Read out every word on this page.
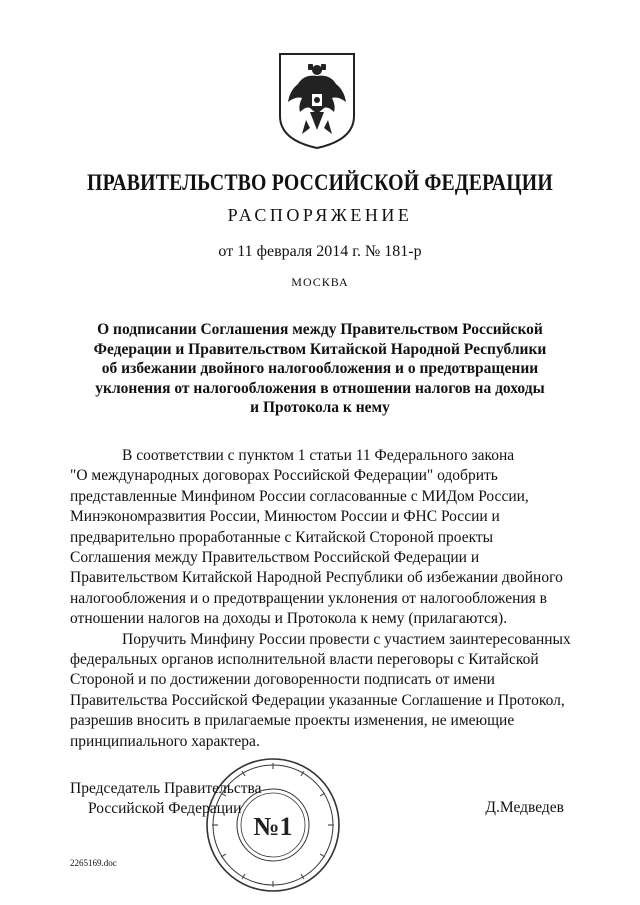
ПРАВИТЕЛЬСТВО РОССИЙСКОЙ ФЕДЕРАЦИИ
РАСПОРЯЖЕНИЕ
от 11 февраля 2014 г. № 181-р
МОСКВА
О подписании Соглашения между Правительством Российской
Федерации и Правительством Китайской Народной Республики
об избежании двойного налогообложения и о предотвращении
уклонения от налогообложения в отношении налогов на доходы
и Протокола к нему
В соответствии с пунктом 1 статьи 11 Федерального закона
"О международных договорах Российской Федерации" одобрить
представленные Минфином России согласованные с МИДом России,
Минэкономразвития России, Минюстом России и ФНС России и
предварительно проработанные с Китайской Стороной проекты
Соглашения между Правительством Российской Федерации и
Правительством Китайской Народной Республики об избежании двойного
налогообложения и о предотвращении уклонения от налогообложения в
отношении налогов на доходы и Протокола к нему (прилагаются).
Поручить Минфину России провести с участием заинтересованных
федеральных органов исполнительной власти переговоры с Китайской
Стороной и по достижении договоренности подписать от имени
Правительства Российской Федерации указанные Соглашение и Протокол,
разрешив вносить в прилагаемые проекты изменения, не имеющие
принципиального характера.
№1
Председатель Правительства
Российской Федерации	Д.Медведев
2265169.doc
